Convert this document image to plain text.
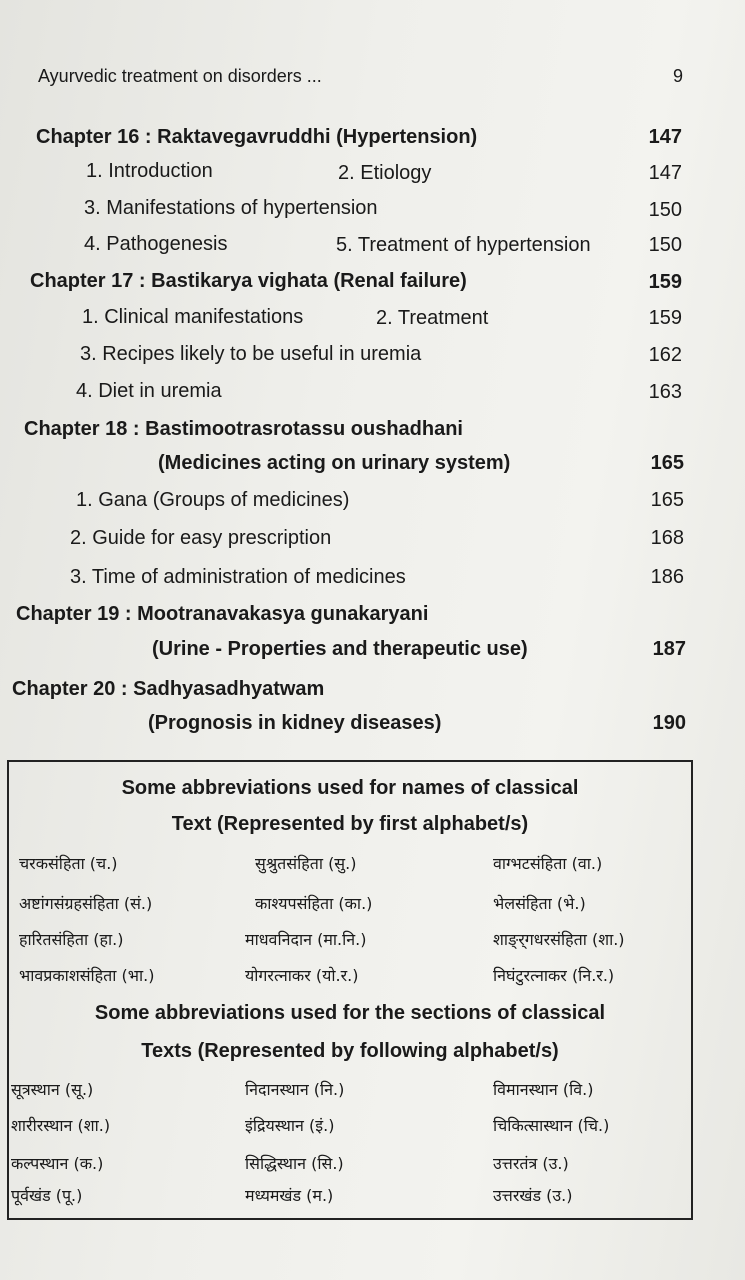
Ayurvedic treatment on disorders ...	9
Chapter 16 : Raktavegavruddhi (Hypertension)	147
1. Introduction	2. Etiology	147
3. Manifestations of hypertension	150
4. Pathogenesis	5. Treatment of hypertension	150
Chapter 17 : Bastikarya vighata (Renal failure)	159
1. Clinical manifestations	2. Treatment	159
3. Recipes likely to be useful in uremia	162
4. Diet in uremia	163
Chapter 18 : Bastimootrasrotassu oushadhani
(Medicines acting on urinary system)	165
1. Gana (Groups of medicines)	165
2. Guide for easy prescription	168
3. Time of administration of medicines	186
Chapter 19 : Mootranavakasya gunakaryani
(Urine - Properties and therapeutic use)	187
Chapter 20 : Sadhyasadhyatwam
(Prognosis in kidney diseases)	190
Some abbreviations used for names of classical
Text (Represented by first alphabet/s)
चरकसंहिता (च.)	सुश्रुतसंहिता (सु.)	वाग्भटसंहिता (वा.)
अष्टांगसंग्रहसंहिता (सं.)	काश्यपसंहिता (का.)	भेलसंहिता (भे.)
हारितसंहिता (हा.)	माधवनिदान (मा.नि.)	शाङ्‍र्गधरसंहिता (शा.)
भावप्रकाशसंहिता (भा.)	योगरत्नाकर (यो.र.)	निघंटुरत्नाकर (नि.र.)
Some abbreviations used for the sections of classical
Texts (Represented by following alphabet/s)
सूत्रस्थान (सू.)	निदानस्थान (नि.)	विमानस्थान (वि.)
शारीरस्थान (शा.)	इंद्रियस्थान (इं.)	चिकित्सास्थान (चि.)
कल्पस्थान (क.)	सिद्धिस्थान (सि.)	उत्तरतंत्र (उ.)
पूर्वखंड (पू.)	मध्यमखंड (म.)	उत्तरखंड (उ.)
